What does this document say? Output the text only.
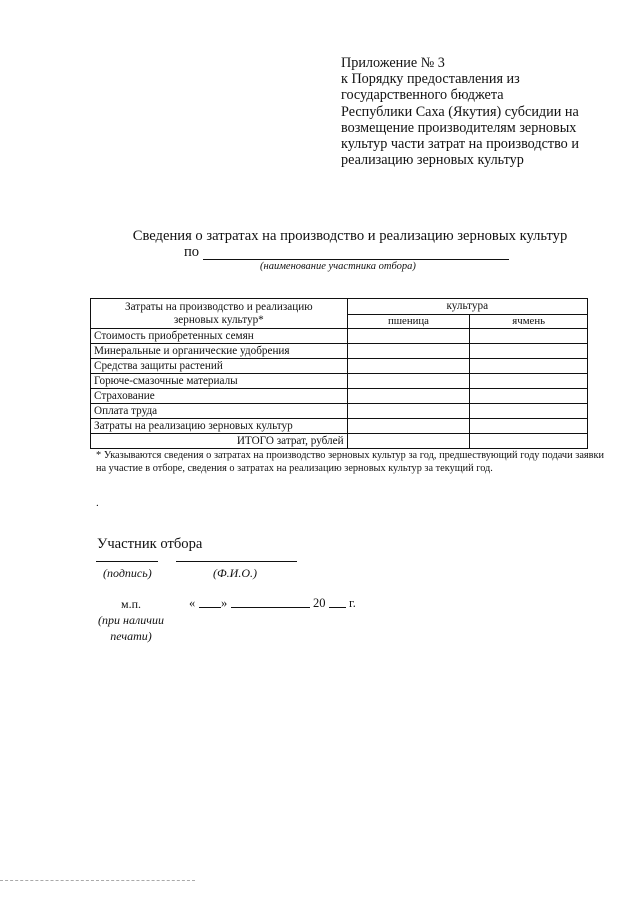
Приложение № 3
к Порядку предоставления из
государственного бюджета
Республики Саха (Якутия) субсидии на
возмещение производителям зерновых
культур части затрат на производство и
реализацию зерновых культур
Сведения о затратах на производство и реализацию зерновых культур
по
(наименование участника отбора)
Затраты на производство и реализацию
зерновых культур*	культура	
	пшеница	ячмень
Стоимость приобретенных семян		
Минеральные и органические удобрения		
Средства защиты растений		
Горюче-смазочные материалы		
Страхование		
Оплата труда		
Затраты на реализацию зерновых культур		
ИТОГО затрат, рублей		
* Указываются сведения о затратах на производство зерновых культур за год, предшествующий году подачи заявки на участие в отборе, сведения о затратах на реализацию зерновых культур за текущий год.
.
Участник отбора
(подпись)	(Ф.И.О.)
м.п.
(при наличии
печати)
« »	20 г.
